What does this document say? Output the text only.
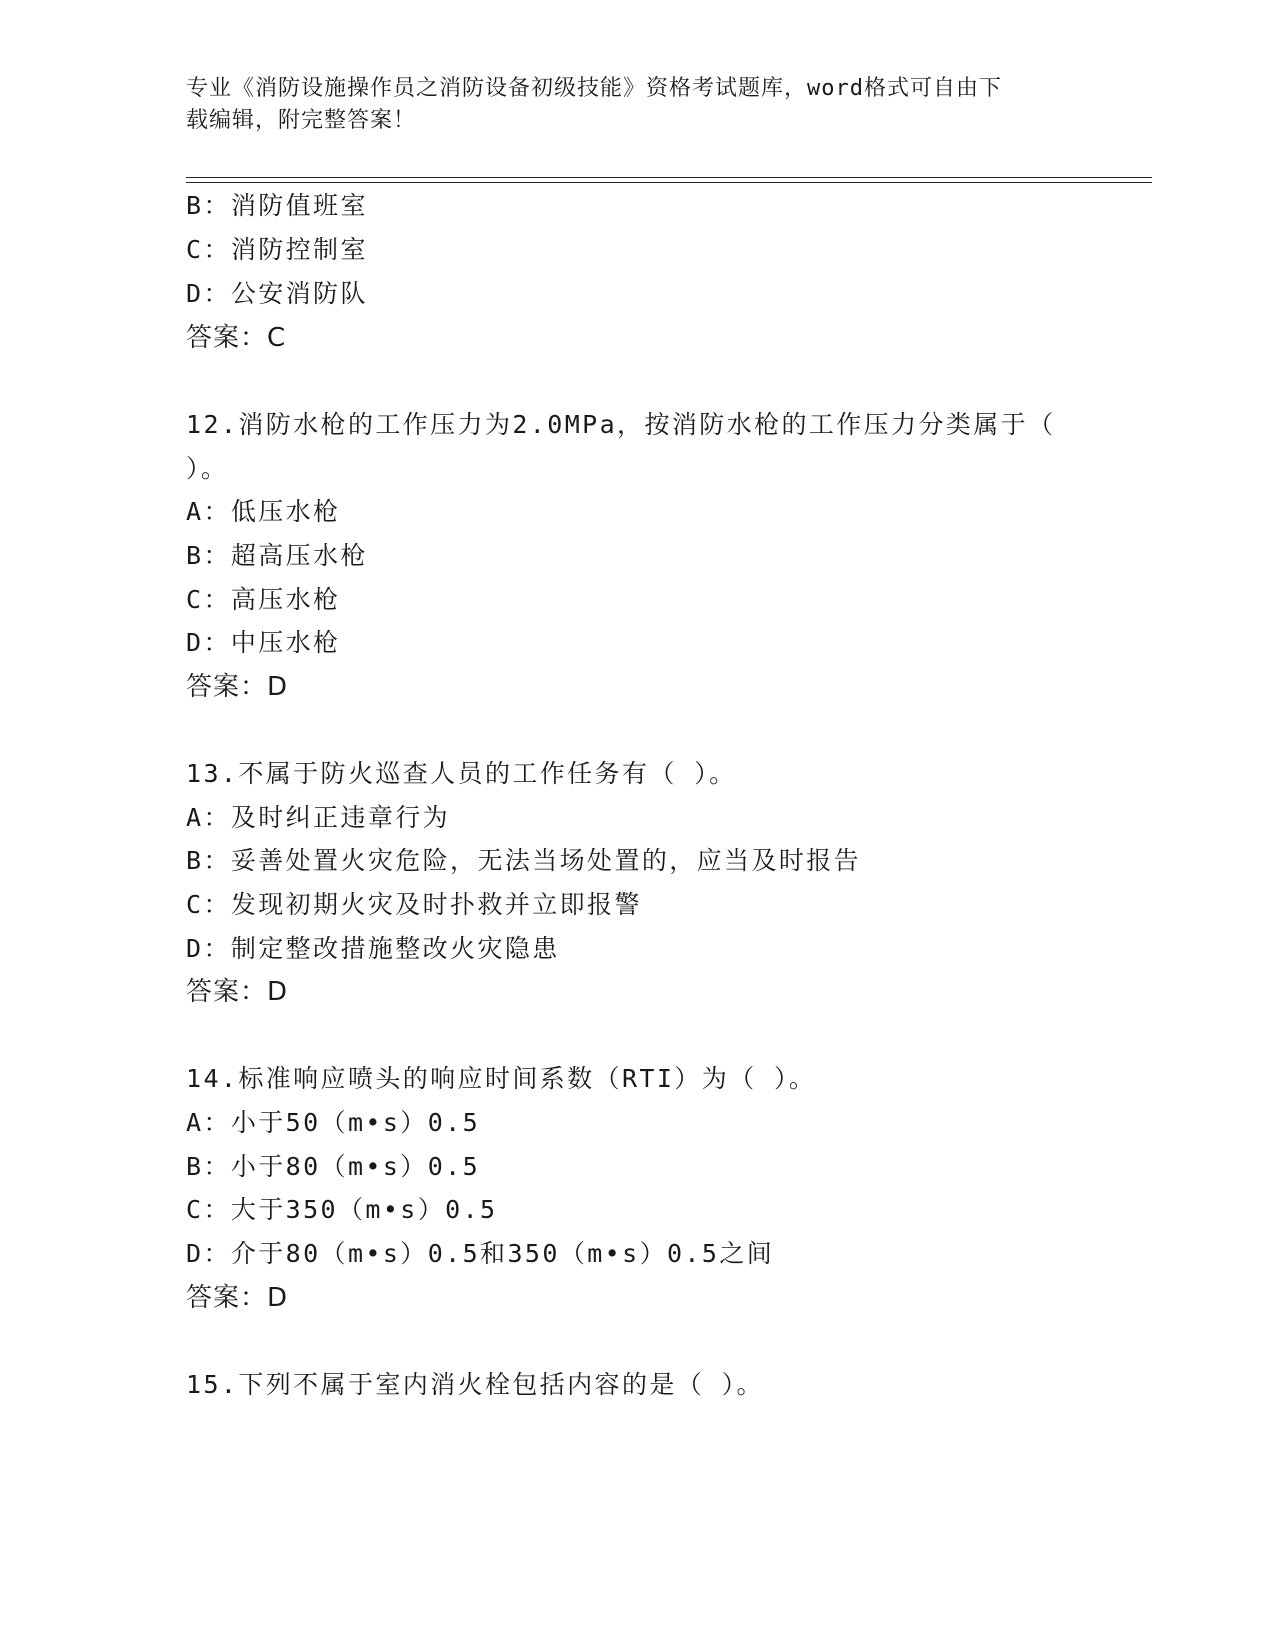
专业《消防设施操作员之消防设备初级技能》资格考试题库，word格式可自由下
载编辑，附完整答案！
B：消防值班室
C：消防控制室
D：公安消防队
答案：C
12.消防水枪的工作压力为2.0MPa，按消防水枪的工作压力分类属于（
）。
A：低压水枪
B：超高压水枪
C：高压水枪
D：中压水枪
答案：D
13.不属于防火巡查人员的工作任务有（ ）。
A：及时纠正违章行为
B：妥善处置火灾危险，无法当场处置的，应当及时报告
C：发现初期火灾及时扑救并立即报警
D：制定整改措施整改火灾隐患
答案：D
14.标准响应喷头的响应时间系数（RTI）为（ ）。
A：小于50（m•s）0.5
B：小于80（m•s）0.5
C：大于350（m•s）0.5
D：介于80（m•s）0.5和350（m•s）0.5之间
答案：D
15.下列不属于室内消火栓包括内容的是（ ）。
